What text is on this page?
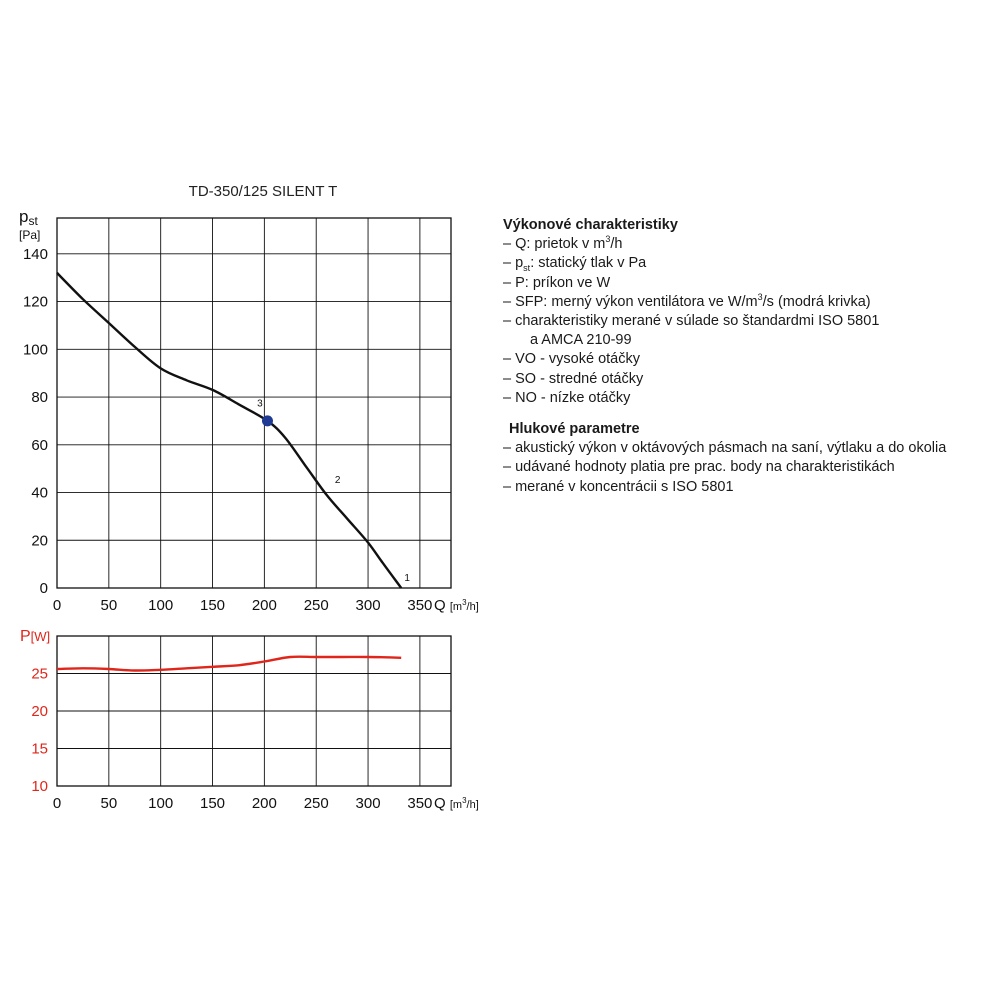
0	50 100 150 200 250 300 350
0
20
40
60
80
100
120
140
Q [$m^3_{/h]}$
pst
[Pa]
TD-350/125 SILENT T
3
2
1
0	50 100 150 200 250 300 350
10
15
20
25
Q [$m^3_{/h]}$
P[W]
Výkonové charakteristiky
– Q: prietok v $m^3/h$
– $p_{st}$: statický tlak v Pa
– P: príkon ve W
– SFP: merný výkon ventilátora ve $W/m^3/s$ (modrá krivka)
– charakteristiky merané v súlade so štandardmi ISO 5801
a AMCA 210-99
– VO - vysoké otáčky
– SO - stredné otáčky
– NO - nízke otáčky
Hlukové parametre
– akustický výkon v oktávových pásmach na saní, výtlaku a do okolia
– udávané hodnoty platia pre prac. body na charakteristikách
– merané v koncentrácii s ISO 5801
